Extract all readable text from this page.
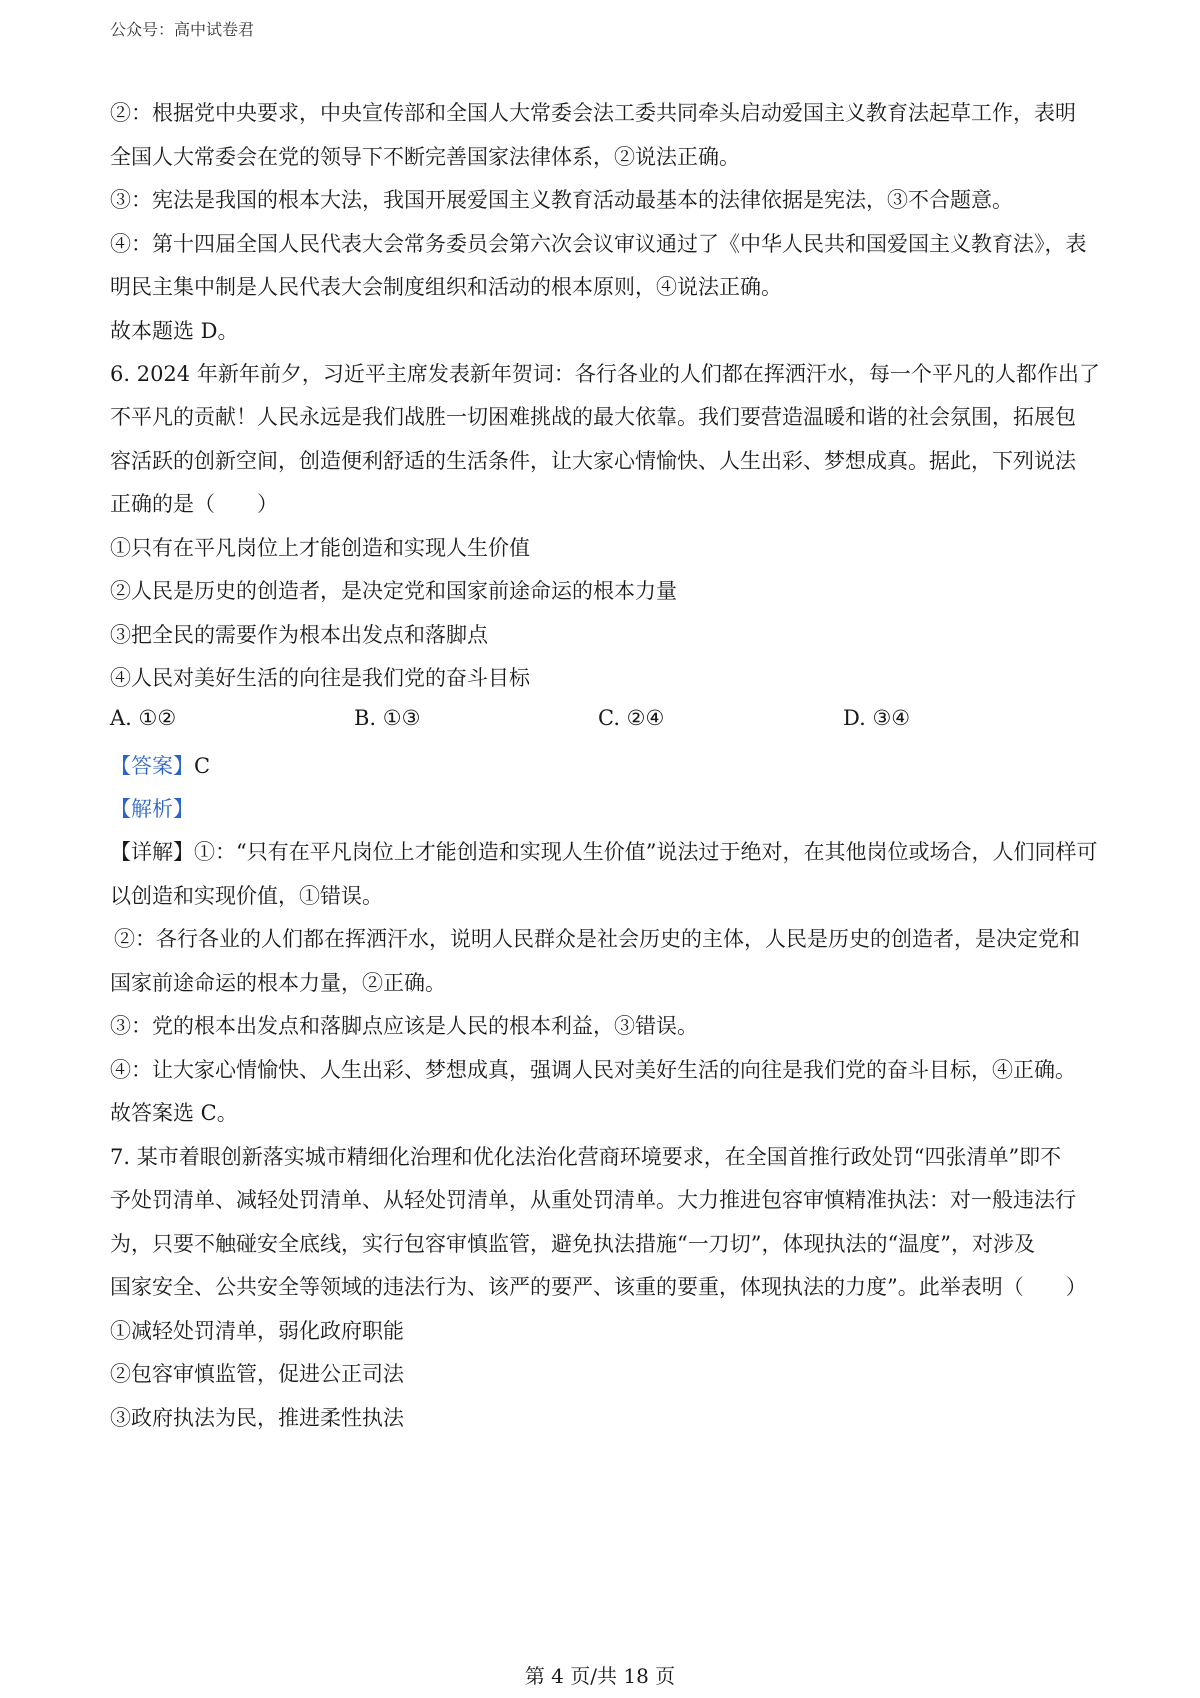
公众号：高中试卷君
②：根据党中央要求，中央宣传部和全国人大常委会法工委共同牵头启动爱国主义教育法起草工作，表明
全国人大常委会在党的领导下不断完善国家法律体系，②说法正确。
③：宪法是我国的根本大法，我国开展爱国主义教育活动最基本的法律依据是宪法，③不合题意。
④：第十四届全国人民代表大会常务委员会第六次会议审议通过了《中华人民共和国爱国主义教育法》，表
明民主集中制是人民代表大会制度组织和活动的根本原则，④说法正确。
故本题选 D。
6. 2024 年新年前夕，习近平主席发表新年贺词：各行各业的人们都在挥洒汗水，每一个平凡的人都作出了
不平凡的贡献！人民永远是我们战胜一切困难挑战的最大依靠。我们要营造温暖和谐的社会氛围，拓展包
容活跃的创新空间，创造便利舒适的生活条件，让大家心情愉快、人生出彩、梦想成真。据此，下列说法
正确的是（　　）
①只有在平凡岗位上才能创造和实现人生价值
②人民是历史的创造者，是决定党和国家前途命运的根本力量
③把全民的需要作为根本出发点和落脚点
④人民对美好生活的向往是我们党的奋斗目标
A. ①②	B. ①③	C. ②④	D. ③④
【答案】C
【解析】
【详解】①：“只有在平凡岗位上才能创造和实现人生价值”说法过于绝对，在其他岗位或场合，人们同样可
以创造和实现价值，①错误。
②：各行各业的人们都在挥洒汗水，说明人民群众是社会历史的主体，人民是历史的创造者，是决定党和
国家前途命运的根本力量，②正确。
③：党的根本出发点和落脚点应该是人民的根本利益，③错误。
④：让大家心情愉快、人生出彩、梦想成真，强调人民对美好生活的向往是我们党的奋斗目标，④正确。
故答案选 C。
7. 某市着眼创新落实城市精细化治理和优化法治化营商环境要求，在全国首推行政处罚“四张清单”即不
予处罚清单、减轻处罚清单、从轻处罚清单，从重处罚清单。大力推进包容审慎精准执法：对一般违法行
为，只要不触碰安全底线，实行包容审慎监管，避免执法措施“一刀切”，体现执法的“温度”，对涉及
国家安全、公共安全等领域的违法行为、该严的要严、该重的要重，体现执法的力度”。此举表明（　　）
①减轻处罚清单，弱化政府职能
②包容审慎监管，促进公正司法
③政府执法为民，推进柔性执法
第 4 页/共 18 页
